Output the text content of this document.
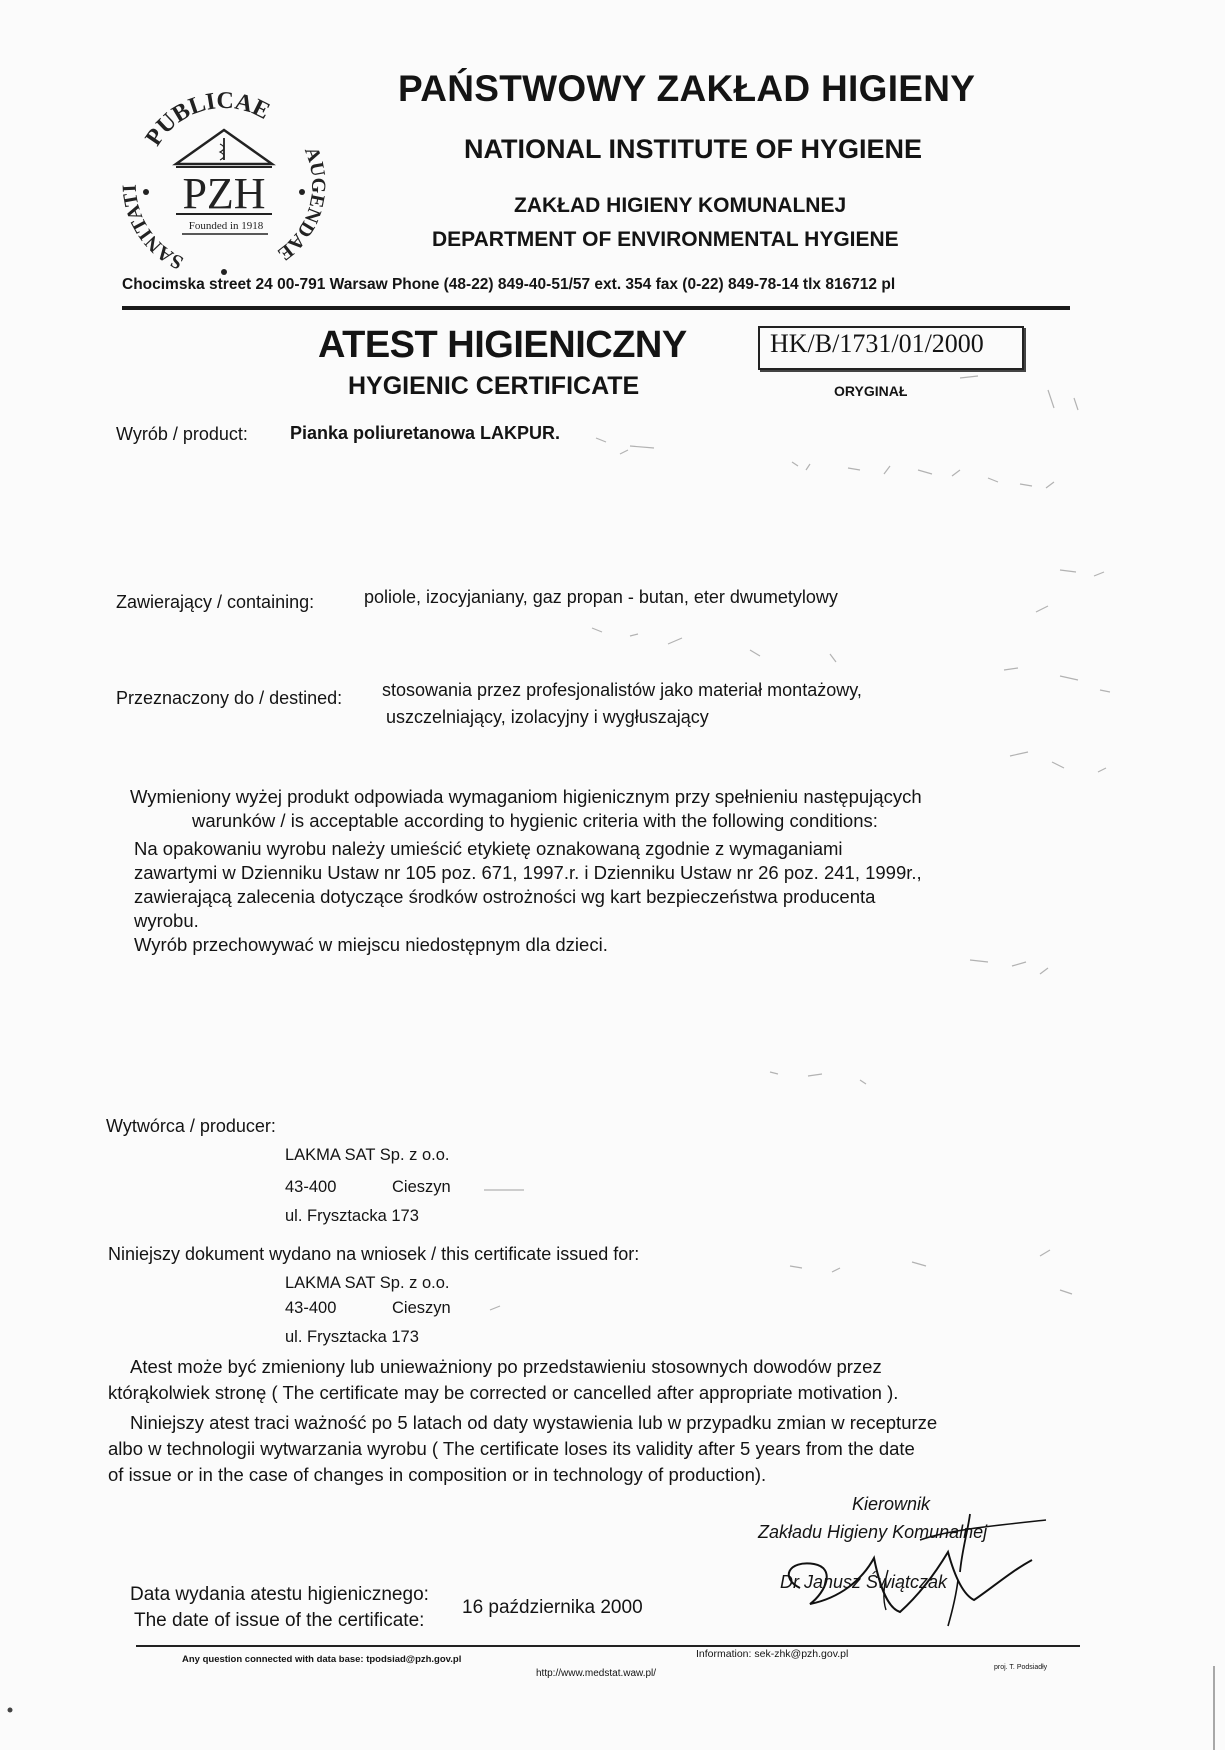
PUBLICAE
SANITATI
AUGENDAE
PZH
Founded in 1918
PAŃSTWOWY ZAKŁAD HIGIENY
NATIONAL INSTITUTE OF HYGIENE
ZAKŁAD HIGIENY KOMUNALNEJ
DEPARTMENT OF ENVIRONMENTAL HYGIENE
Chocimska street 24 00-791 Warsaw Phone (48-22) 849-40-51/57 ext. 354 fax (0-22) 849-78-14 tlx 816712 pl
ATEST HIGIENICZNY	HK/B/1731/01/2000
HYGIENIC CERTIFICATE	ORYGINAŁ
Wyrób / product: Pianka poliuretanowa LAKPUR.
Zawierający / containing:	poliole, izocyjaniany, gaz propan - butan, eter dwumetylowy
Przeznaczony do / destined: stosowania przez profesjonalistów jako materiał montażowy,
uszczelniający, izolacyjny i wygłuszający
Wymieniony wyżej produkt odpowiada wymaganiom higienicznym przy spełnieniu następujących
warunków / is acceptable according to hygienic criteria with the following conditions:
Na opakowaniu wyrobu należy umieścić etykietę oznakowaną zgodnie z wymaganiami
zawartymi w Dzienniku Ustaw nr 105 poz. 671, 1997.r. i Dzienniku Ustaw nr 26 poz. 241, 1999r.,
zawierającą zalecenia dotyczące środków ostrożności wg kart bezpieczeństwa producenta
wyrobu.
Wyrób przechowywać w miejscu niedostępnym dla dzieci.
Wytwórca / producer:
LAKMA SAT Sp. z o.o.
43-400	Cieszyn
ul. Frysztacka 173
Niniejszy dokument wydano na wniosek / this certificate issued for:
LAKMA SAT Sp. z o.o.
43-400	Cieszyn
ul. Frysztacka 173
Atest może być zmieniony lub unieważniony po przedstawieniu stosownych dowodów przez
którąkolwiek stronę ( The certificate may be corrected or cancelled after appropriate motivation ).
Niniejszy atest traci ważność po 5 latach od daty wystawienia lub w przypadku zmian w recepturze
albo w technologii wytwarzania wyrobu ( The certificate loses its validity after 5 years from the date
of issue or in the case of changes in composition or in technology of production).
Kierownik
Zakładu Higieny Komunalnej
Dr Janusz Świątczak
Data wydania atestu higienicznego:
The date of issue of the certificate:
16 października 2000
Any question connected with data base: tpodsiad@pzh.gov.pl	Information: sek-zhk@pzh.gov.pl
http://www.medstat.waw.pl/
proj. T. Podsiadły
